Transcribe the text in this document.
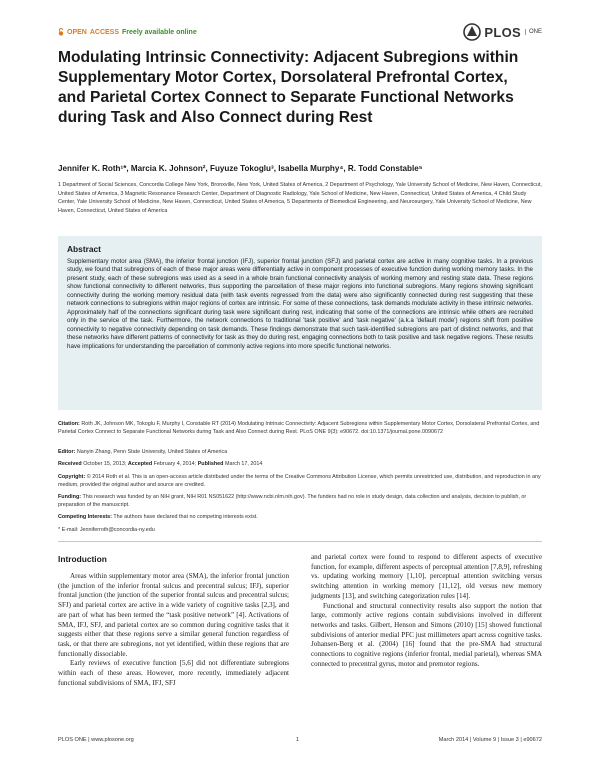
OPEN ACCESS Freely available online	PLOS	ONE
Modulating Intrinsic Connectivity: Adjacent Subregions within Supplementary Motor Cortex, Dorsolateral Prefrontal Cortex, and Parietal Cortex Connect to Separate Functional Networks during Task and Also Connect during Rest
Jennifer K. Roth¹*, Marcia K. Johnson², Fuyuze Tokoglu³, Isabella Murphy⁴, R. Todd Constable⁵
1 Department of Social Sciences, Concordia College New York, Bronxville, New York, United States of America, 2 Department of Psychology, Yale University School of Medicine, New Haven, Connecticut, United States of America, 3 Magnetic Resonance Research Center, Department of Diagnostic Radiology, Yale School of Medicine, New Haven, Connecticut, United States of America, 4 Child Study Center, Yale University School of Medicine, New Haven, Connecticut, United States of America, 5 Departments of Biomedical Engineering, and Neurosurgery, Yale University School of Medicine, New Haven, Connecticut, United States of America
Abstract

Supplementary motor area (SMA), the inferior frontal junction (IFJ), superior frontal junction (SFJ) and parietal cortex are active in many cognitive tasks. In a previous study, we found that subregions of each of these major areas were differentially active in component processes of executive function during working memory tasks. In the present study, each of these subregions was used as a seed in a whole brain functional connectivity analysis of working memory and resting state data. These regions show functional connectivity to different networks, thus supporting the parcellation of these major regions into functional subregions. Many regions showing significant connectivity during the working memory residual data (with task events regressed from the data) were also significantly connected during rest suggesting that these network connections to subregions within major regions of cortex are intrinsic. For some of these connections, task demands modulate activity in these intrinsic networks. Approximately half of the connections significant during task were significant during rest, indicating that some of the connections are intrinsic while others are recruited only in the service of the task. Furthermore, the network connections to traditional 'task positive' and 'task negative' (a.k.a 'default mode') regions shift from positive connectivity to negative connectivity depending on task demands. These findings demonstrate that such task-identified subregions are part of distinct networks, and that these networks have different patterns of connectivity for task as they do during rest, engaging connections both to task positive and task negative regions. These results have implications for understanding the parcellation of commonly active regions into more specific functional networks.

Citation: Roth JK, Johnson MK, Tokoglu F, Murphy I, Constable RT (2014) Modulating Intrinsic Connectivity: Adjacent Subregions within Supplementary Motor Cortex, Dorsolateral Prefrontal Cortex, and Parietal Cortex Connect to Separate Functional Networks during Task and Also Connect during Rest. PLoS ONE 9(3): e90672. doi:10.1371/journal.pone.0090672

Editor: Nanyin Zhang, Penn State University, United States of America

Received October 15, 2013; Accepted February 4, 2014; Published March 17, 2014

Copyright: © 2014 Roth et al. This is an open-access article distributed under the terms of the Creative Commons Attribution License, which permits unrestricted use, distribution, and reproduction in any medium, provided the original author and source are credited.

Funding: This research was funded by an NIH grant, NIH R01 NS051622 (http://www.ncbi.nlm.nih.gov). The funders had no role in study design, data collection and analysis, decision to publish, or preparation of the manuscript.

Competing Interests: The authors have declared that no competing interests exist.

* E-mail: Jenniferroth@concordia-ny.edu

Introduction

Areas within supplementary motor area (SMA), the inferior frontal junction (the junction of the inferior frontal sulcus and precentral sulcus; IFJ), superior frontal junction (the junction of the superior frontal sulcus and precentral sulcus; SFJ) and parietal cortex are active in a wide variety of cognitive tasks [2,3], and are part of what has been termed the “task positive network” [4]. Activations of SMA, IFJ, SFJ, and parietal cortex are so common during cognitive tasks that it suggests either that these regions serve a similar general function regardless of task, or that there are subregions, not yet identified, within these regions that are functionally dissociable.

Early reviews of executive function [5,6] did not differentiate subregions within each of these areas. However, more recently, immediately adjacent functional subdivisions of SMA, IFJ, SFJ

and parietal cortex were found to respond to different aspects of executive function, for example, different aspects of perceptual attention [7,8,9], refreshing vs. updating working memory [1,10], perceptual attention switching versus switching attention in working memory [11,12], old versus new memory judgments [13], and switching categorization rules [14].

Functional and structural connectivity results also support the notion that large, commonly active regions contain subdivisions involved in different networks and tasks. Gilbert, Henson and Simons (2010) [15] showed functional subdivisions of anterior medial PFC just millimeters apart across cognitive tasks. Johansen-Berg et al. (2004) [16] found that the pre-SMA had structural connections to cognitive regions (inferior frontal, medial parietal), whereas SMA connected to precentral gyrus, motor and premotor regions.

PLOS ONE | www.plosone.org	1	March 2014 | Volume 9 | Issue 3 | e90672
